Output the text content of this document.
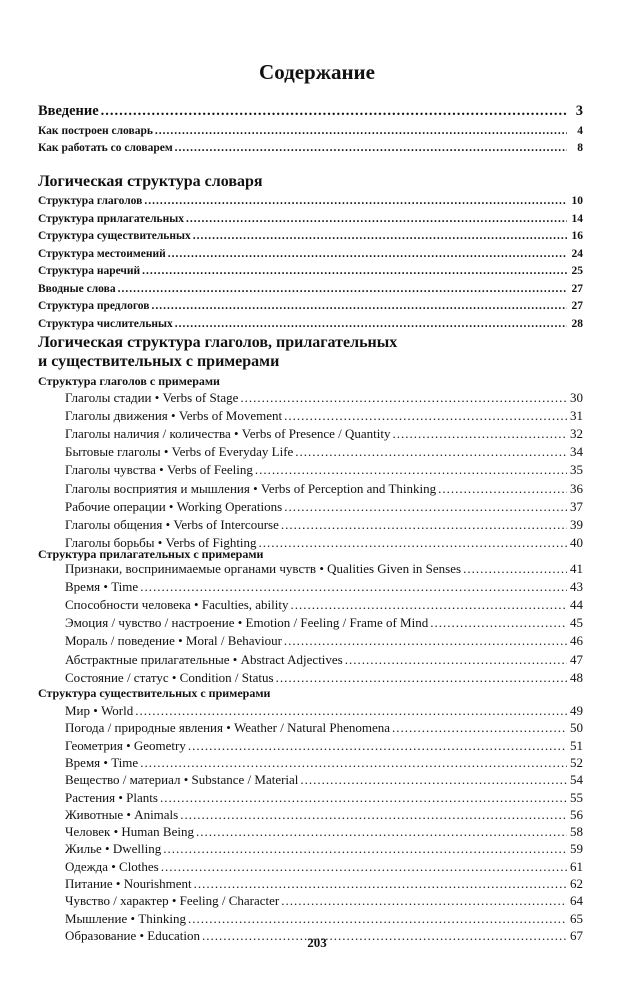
Содержание
Введение .....	3
Как построен словарь .....	4
Как работать со словарем .....	8
Логическая структура словаря
Структура глаголов .....	10
Структура прилагательных .....	14
Структура существительных .....	16
Структура местоимений .....	24
Структура наречий .....	25
Вводные слова .....	27
Структура предлогов .....	27
Структура числительных .....	28
Логическая структура глаголов, прилагательных
и существительных с примерами
Структура глаголов с примерами
Глаголы стадии • Verbs of Stage .....	30
Глаголы движения • Verbs of Movement .....	31
Глаголы наличия / количества • Verbs of Presence / Quantity .....	32
Бытовые глаголы • Verbs of Everyday Life .....	34
Глаголы чувства • Verbs of Feeling .....	35
Глаголы восприятия и мышления • Verbs of Perception and Thinking .....	36
Рабочие операции • Working Operations .....	37
Глаголы общения • Verbs of Intercourse .....	39
Глаголы борьбы • Verbs of Fighting .....	40
Структура прилагательных с примерами
Признаки, воспринимаемые органами чувств • Qualities Given in Senses .....	41
Время • Time .....	43
Способности человека • Faculties, ability .....	44
Эмоция / чувство / настроение • Emotion / Feeling / Frame of Mind .....	45
Мораль / поведение • Moral / Behaviour .....	46
Абстрактные прилагательные • Abstract Adjectives .....	47
Состояние / статус • Condition / Status .....	48
Структура существительных с примерами
Мир • World .....	49
Погода / природные явления • Weather / Natural Phenomena .....	50
Геометрия • Geometry .....	51
Время • Time .....	52
Вещество / материал • Substance / Material .....	54
Растения • Plants .....	55
Животные • Animals .....	56
Человек • Human Being .....	58
Жилье • Dwelling .....	59
Одежда • Clothes .....	61
Питание • Nourishment .....	62
Чувство / характер • Feeling / Character .....	64
Мышление • Thinking .....	65
Образование • Education .....	67
203
